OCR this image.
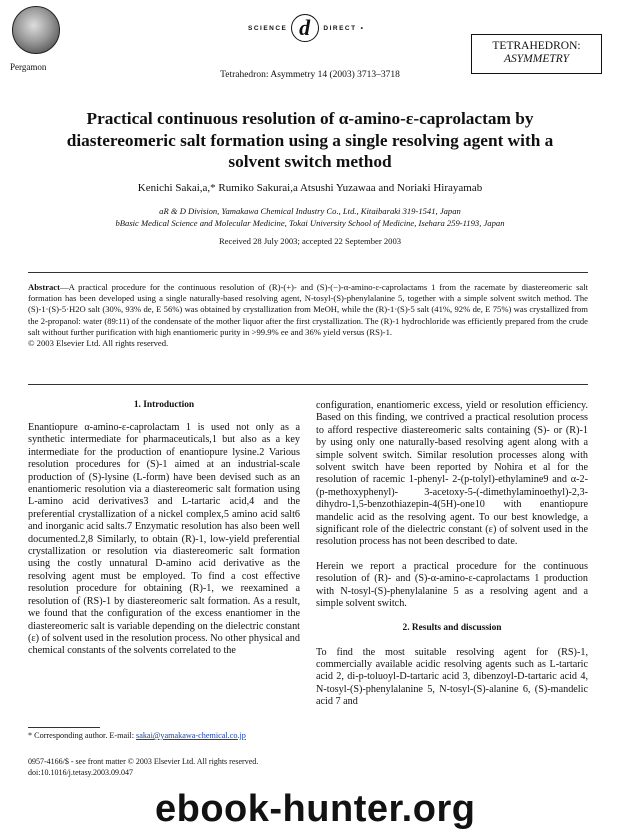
Pergamon
SCIENCE d	DIRECT •
Tetrahedron: Asymmetry 14 (2003) 3713–3718
TETRAHEDRON:
ASYMMETRY
Practical continuous resolution of α-amino-ε-caprolactam by diastereomeric salt formation using a single resolving agent with a solvent switch method
Kenichi Sakai,a,* Rumiko Sakurai,a Atsushi Yuzawaa and Noriaki Hirayamab
aR & D Division, Yamakawa Chemical Industry Co., Ltd., Kitaibaraki 319-1541, Japan
bBasic Medical Science and Molecular Medicine, Tokai University School of Medicine, Isehara 259-1193, Japan
Received 28 July 2003; accepted 22 September 2003
Abstract—A practical procedure for the continuous resolution of (R)-(+)- and (S)-(−)-α-amino-ε-caprolactams 1 from the racemate by diastereomeric salt formation has been developed using a single naturally-based resolving agent, N-tosyl-(S)-phenylalanine 5, together with a simple solvent switch method. The (S)-1·(S)-5·H2O salt (30%, 93% de, E 56%) was obtained by crystallization from MeOH, while the (R)-1·(S)-5 salt (41%, 92% de, E 75%) was crystallized from the 2-propanol: water (89:11) of the condensate of the mother liquor after the first crystallization. The (R)-1 hydrochloride was efficiently prepared from the crude salt without further purification with high enantiomeric purity in >99.9% ee and 36% yield versus (RS)-1.
© 2003 Elsevier Ltd. All rights reserved.
1. Introduction
Enantiopure α-amino-ε-caprolactam 1 is used not only as a synthetic intermediate for pharmaceuticals,1 but also as a key intermediate for the production of enantiopure lysine.2 Various resolution procedures for (S)-1 aimed at an industrial-scale production of (S)-lysine (L-form) have been devised such as an enantiomeric resolution via a diastereomeric salt formation using L-amino acid derivatives3 and L-tartaric acid,4 and the preferential crystallization of a nickel complex,5 amino acid salt6 and inorganic acid salts.7 Enzymatic resolution has also been well documented.2,8 Similarly, to obtain (R)-1, low-yield preferential crystallization or resolution via diastereomeric salt formation using the costly unnatural D-amino acid derivative as the resolving agent must be employed. To find a cost effective resolution procedure for obtaining (R)-1, we reexamined a resolution of (RS)-1 by diastereomeric salt formation. As a result, we found that the configuration of the excess enantiomer in the diastereomeric salt is variable depending on the dielectric constant (ε) of solvent used in the resolution process. No other physical and chemical constants of the solvents correlated to the
* Corresponding author. E-mail: sakai@yamakawa-chemical.co.jp

configuration, enantiomeric excess, yield or resolution efficiency. Based on this finding, we contrived a practical resolution process to afford respective diastereomeric salts containing (S)- or (R)-1 by using only one naturally-based resolving agent along with a simple solvent switch. Similar resolution processes along with solvent switch have been reported by Nohira et al for the resolution of racemic 1-phenyl- 2-(p-tolyl)-ethylamine9 and α-2-(p-methoxyphenyl)- 3-acetoxy-5-(-dimethylaminoethyl)-2,3-dihydro-1,5-benzothiazepin-4(5H)-one10 with enantiopure mandelic acid as the resolving agent. To our best knowledge, a significant role of the dielectric constant (ε) of solvent used in the resolution process has not been described to date.

Herein we report a practical procedure for the continuous resolution of (R)- and (S)-α-amino-ε-caprolactams 1 production with N-tosyl-(S)-phenylalanine 5 as a resolving agent and a simple solvent switch.

2. Results and discussion
To find the most suitable resolving agent for (RS)-1, commercially available acidic resolving agents such as L-tartaric acid 2, di-p-toluoyl-D-tartaric acid 3, dibenzoyl-D-tartaric acid 4, N-tosyl-(S)-phenylalanine 5, N-tosyl-(S)-alanine 6, (S)-mandelic acid 7 and
0957-4166/$ - see front matter © 2003 Elsevier Ltd. All rights reserved.
doi:10.1016/j.tetasy.2003.09.047
ebook-hunter.org
